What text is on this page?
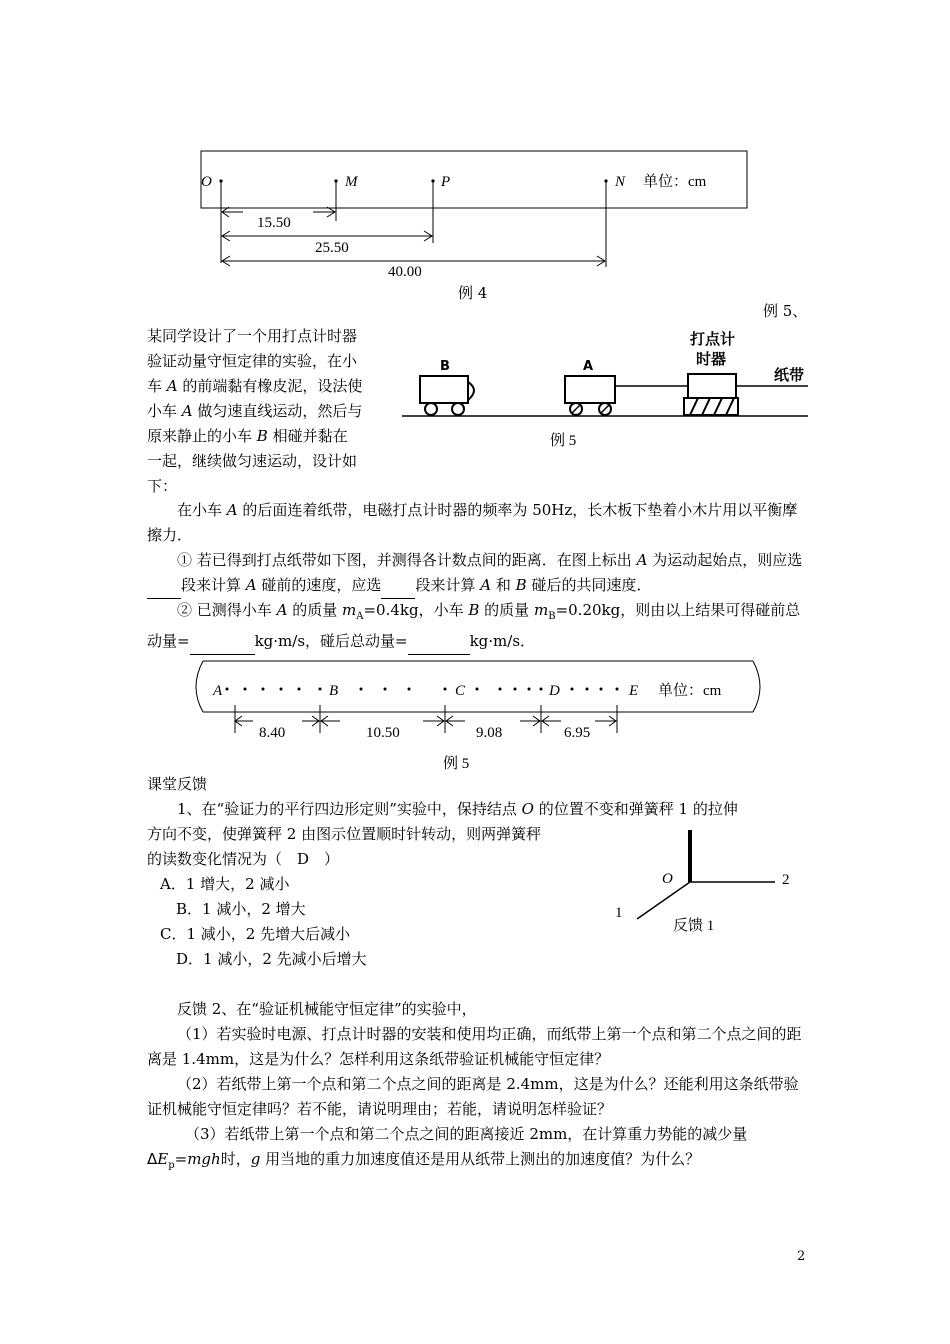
O	M	P	N 单位：cm
15.50
25.50
40.00
例 4
例 5、
某同学设计了一个用打点计时器
验证动量守恒定律的实验，在小
车 A 的前端黏有橡皮泥，设法使
小车 A 做匀速直线运动，然后与
原来静止的小车 B 相碰并黏在
一起，继续做匀速运动，设计如
下：
B	A
打点计
时器
纸带
例 5
在小车 A 的后面连着纸带，电磁打点计时器的频率为 50Hz，长木板下垫着小木片用以平衡摩擦力．
① 若已得到打点纸带如下图，并测得各计数点间的距离．在图上标出 A 为运动起始点，则应选 段来计算 A 碰前的速度，应选 段来计算 A 和 B 碰后的共同速度．
② 已测得小车 A 的质量 $m_A=0.4kg$，小车 B 的质量 $m_B=0.20kg$，则由以上结果可得碰前总动量=	kg·m/s，碰后总动量=	kg·m/s．
A	B	C	D	E 单位：cm
8.40	10.50	9.08	6.95
例 5
课堂反馈
1、在“验证力的平行四边形定则”实验中，保持结点 O 的位置不变和弹簧秤 1 的拉伸
方向不变，使弹簧秤 2 由图示位置顺时针转动，则两弹簧秤
的读数变化情况为（　D　）
A．1 增大，2 减小
B．1 减小，2 增大
C．1 减小，2 先增大后减小
D．1 减小，2 先减小后增大
O	2
1
反馈 1
反馈 2、在“验证机械能守恒定律”的实验中，
（1）若实验时电源、打点计时器的安装和使用均正确，而纸带上第一个点和第二个点之间的距离是 1.4mm，这是为什么？怎样利用这条纸带验证机械能守恒定律？
（2）若纸带上第一个点和第二个点之间的距离是 2.4mm，这是为什么？还能利用这条纸带验证机械能守恒定律吗？若不能，请说明理由；若能，请说明怎样验证？
（3）若纸带上第一个点和第二个点之间的距离接近 2mm，在计算重力势能的减少量$\Delta E_p=mgh$时，g 用当地的重力加速度值还是用从纸带上测出的加速度值？为什么？
2
